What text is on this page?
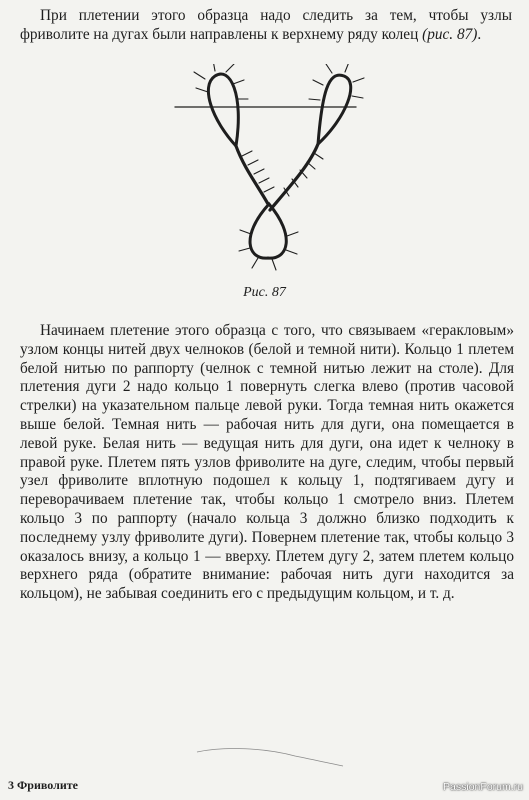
При плетении этого образца надо следить за тем, чтобы узлы фриволите на дугах были направлены к верхнему ряду колец (рис. 87).

Рис. 87

Начинаем плетение этого образца с того, что связываем «геракловым» узлом концы нитей двух челноков (белой и темной нити). Кольцо 1 плетем белой нитью по раппорту (челнок с темной нитью лежит на столе). Для плетения дуги 2 надо кольцо 1 повернуть слегка влево (против часовой стрелки) на указательном пальце левой руки. Тогда темная нить окажется выше белой. Темная нить — рабочая нить для дуги, она помещается в левой руке. Белая нить — ведущая нить для дуги, она идет к челноку в правой руке. Плетем пять узлов фриволите на дуге, следим, чтобы первый узел фриволите вплотную подошел к кольцу 1, подтягиваем дугу и переворачиваем плетение так, чтобы кольцо 1 смотрело вниз. Плетем кольцо 3 по раппорту (начало кольца 3 должно близко подходить к последнему узлу фриволите дуги). Повернем плетение так, чтобы кольцо 3 оказалось внизу, а кольцо 1 — вверху. Плетем дугу 2, затем плетем кольцо верхнего ряда (обратите внимание: рабочая нить дуги находится за кольцом), не забывая соединить его с предыдущим кольцом, и т. д.

3 Фриволите	PassionForum.ru
